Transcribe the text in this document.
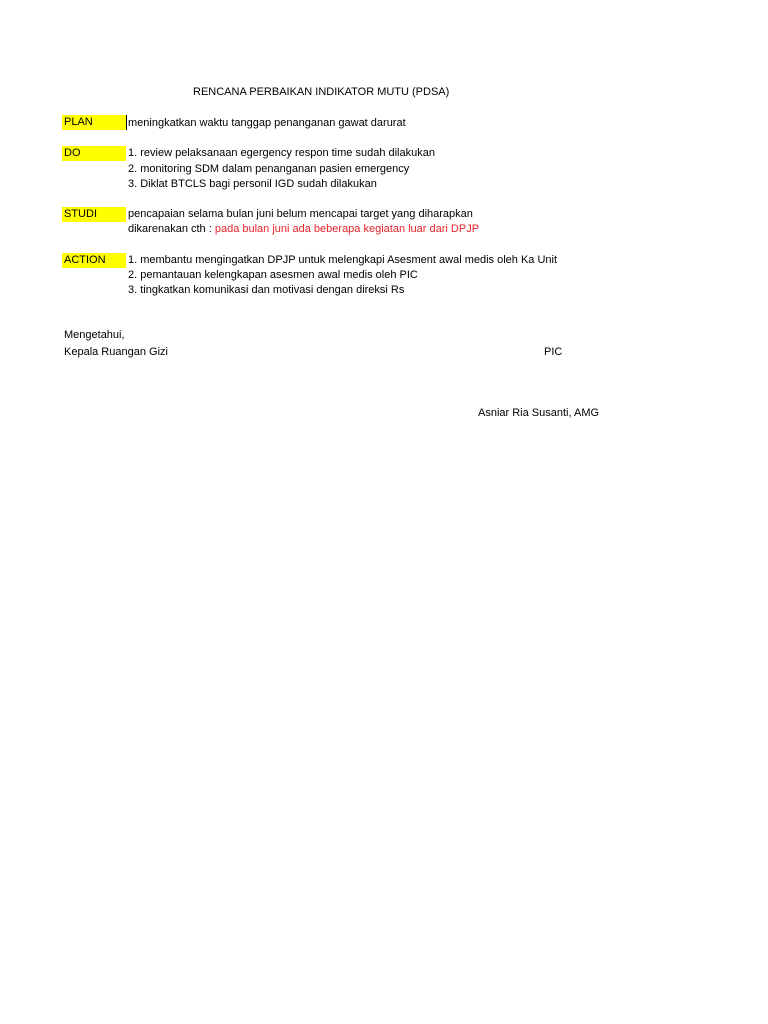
RENCANA PERBAIKAN INDIKATOR MUTU (PDSA)
PLAN	meningkatkan waktu tanggap penanganan gawat darurat
DO	1. review pelaksanaan egergency respon time sudah dilakukan
2. monitoring SDM dalam penanganan pasien emergency
3. Diklat BTCLS bagi personil IGD sudah dilakukan
STUDI	pencapaian selama bulan juni belum mencapai target yang diharapkan
dikarenakan cth : pada bulan juni ada beberapa kegiatan luar dari DPJP
ACTION	1. membantu mengingatkan DPJP untuk melengkapi Asesment awal medis oleh Ka Unit
2. pemantauan kelengkapan asesmen awal medis oleh PIC
3. tingkatkan komunikasi dan motivasi dengan direksi Rs
Mengetahui,
Kepala Ruangan Gizi	PIC
Asniar Ria Susanti, AMG
